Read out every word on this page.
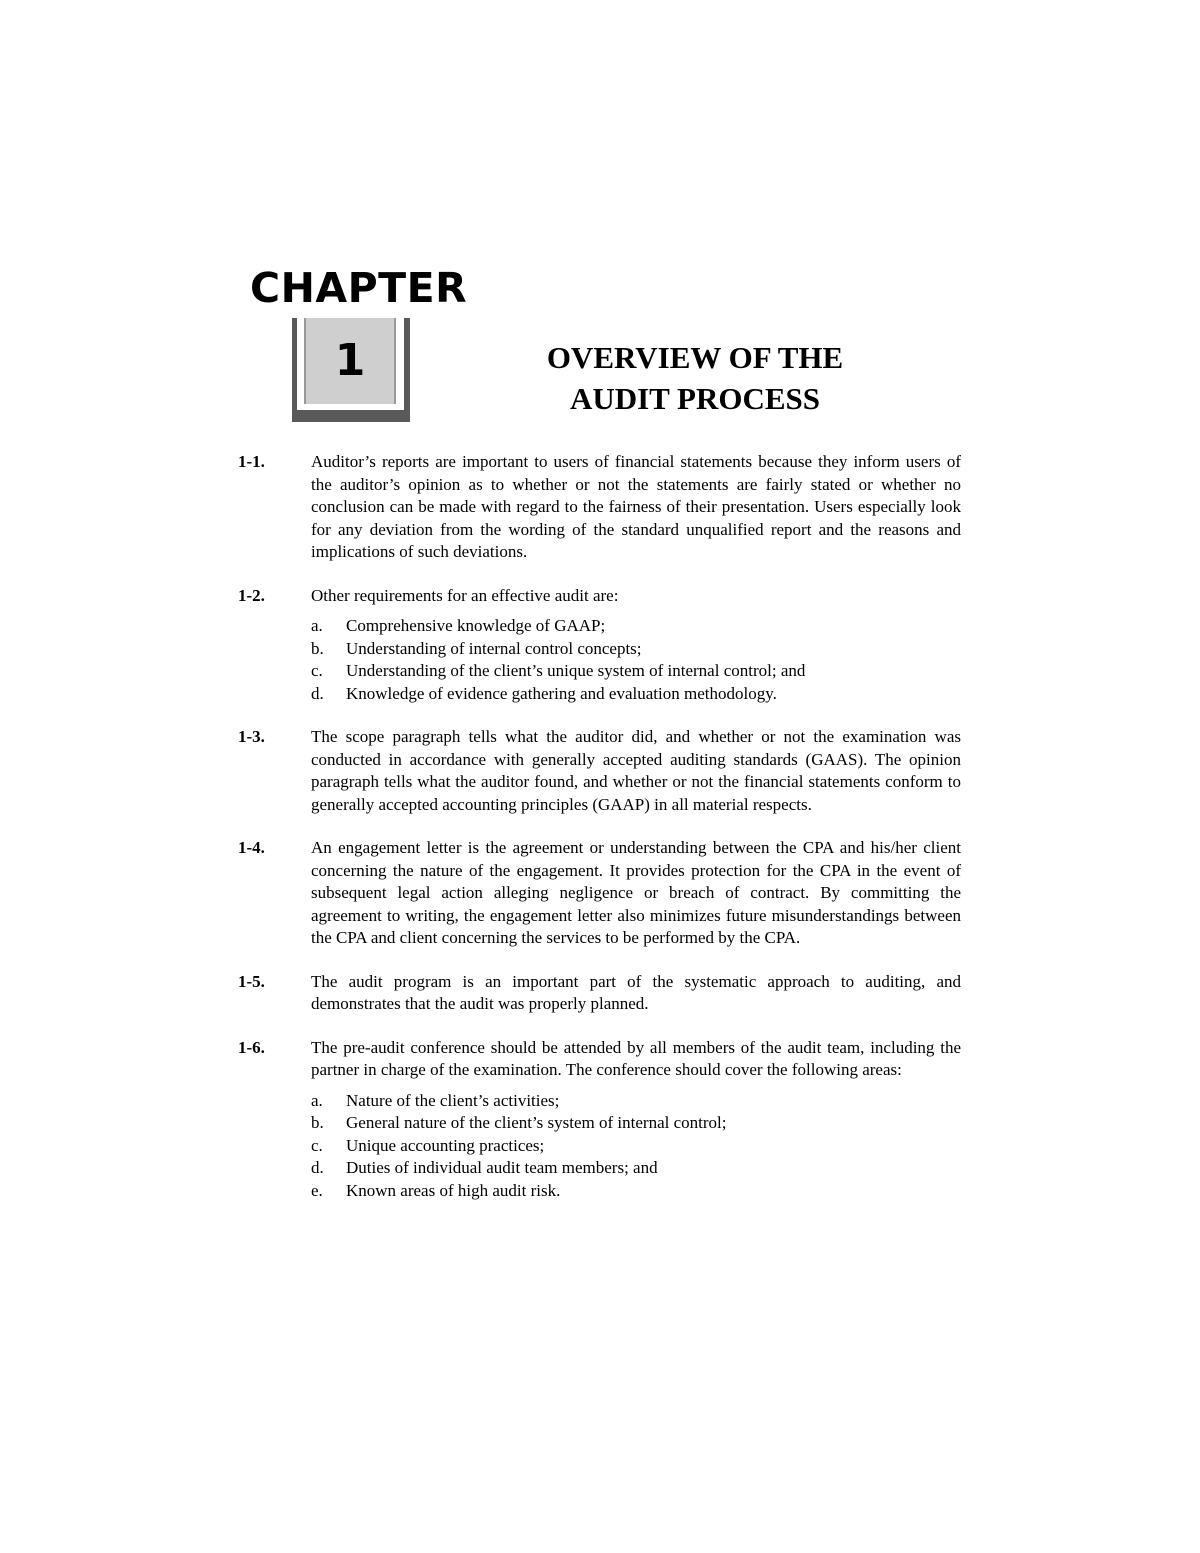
CHAPTER
1	OVERVIEW OF THE
AUDIT PROCESS
1-1.	Auditor’s reports are important to users of financial statements because they inform users of the auditor’s opinion as to whether or not the statements are fairly stated or whether no conclusion can be made with regard to the fairness of their presentation. Users especially look for any deviation from the wording of the standard unqualified report and the reasons and implications of such deviations.

1-2.	Other requirements for an effective audit are:

a.	Comprehensive knowledge of GAAP;
b.	Understanding of internal control concepts;
c.	Understanding of the client’s unique system of internal control; and
d.	Knowledge of evidence gathering and evaluation methodology.
1-3.	The scope paragraph tells what the auditor did, and whether or not the examination was conducted in accordance with generally accepted auditing standards (GAAS). The opinion paragraph tells what the auditor found, and whether or not the financial statements conform to generally accepted accounting principles (GAAP) in all material respects.

1-4.	An engagement letter is the agreement or understanding between the CPA and his/her client concerning the nature of the engagement. It provides protection for the CPA in the event of subsequent legal action alleging negligence or breach of contract. By committing the agreement to writing, the engagement letter also minimizes future misunderstandings between the CPA and client concerning the services to be performed by the CPA.

1-5.	The audit program is an important part of the systematic approach to auditing, and demonstrates that the audit was properly planned.

1-6.	The pre-audit conference should be attended by all members of the audit team, including the partner in charge of the examination. The conference should cover the following areas:

a.	Nature of the client’s activities;
b.	General nature of the client’s system of internal control;
c.	Unique accounting practices;
d.	Duties of individual audit team members; and
e.	Known areas of high audit risk.
